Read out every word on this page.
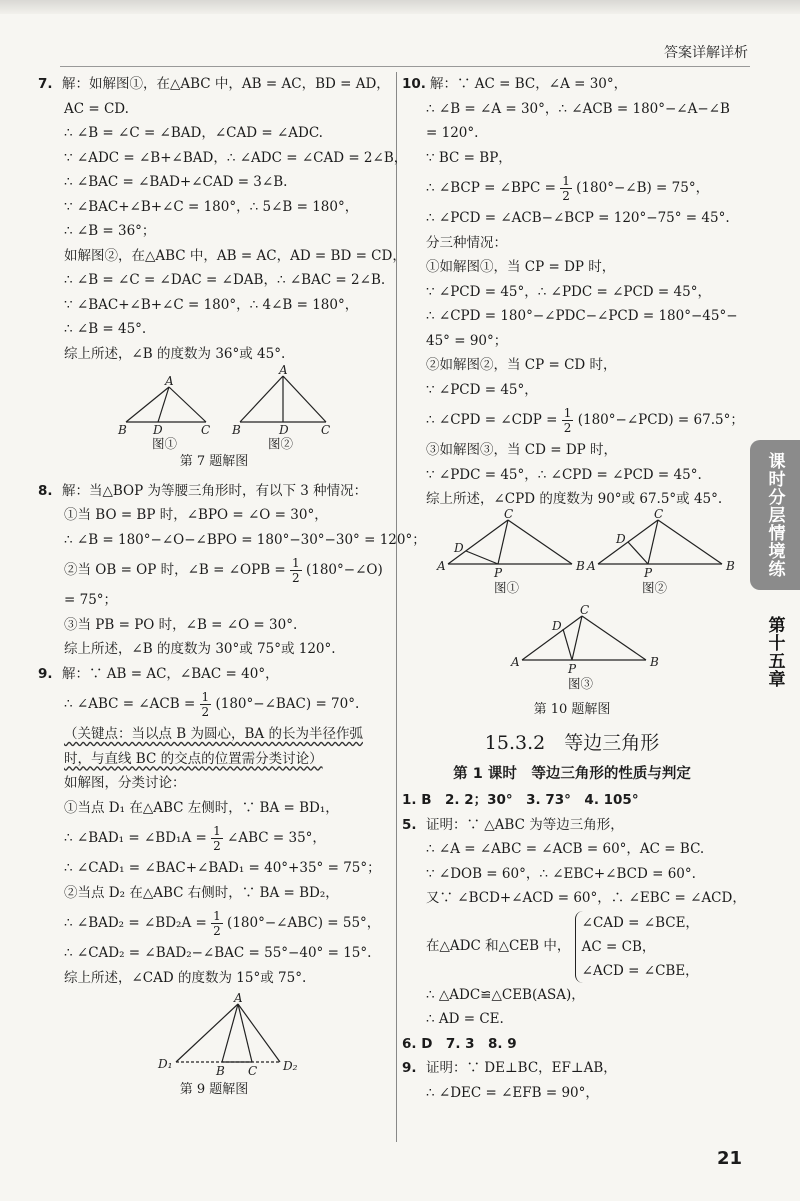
答案详解详析
7. 解：如解图①，在△ABC 中，AB = AC，BD = AD，
AC = CD.
∴ ∠B = ∠C = ∠BAD，∠CAD = ∠ADC.
∵ ∠ADC = ∠B+∠BAD，∴ ∠ADC = ∠CAD = 2∠B，
∴ ∠BAC = ∠BAD+∠CAD = 3∠B.
∵ ∠BAC+∠B+∠C = 180°，∴ 5∠B = 180°，
∴ ∠B = 36°；
如解图②，在△ABC 中，AB = AC，AD = BD = CD，
∴ ∠B = ∠C = ∠DAC = ∠DAB，∴ ∠BAC = 2∠B.
∵ ∠BAC+∠B+∠C = 180°，∴ 4∠B = 180°，
∴ ∠B = 45°.
综上所述，∠B 的度数为 36°或 45°.
A
B D	C
A
B	D	C
图①	图②
第 7 题解图
8. 解：当△BOP 为等腰三角形时，有以下 3 种情况：
①当 BO = BP 时，∠BPO = ∠O = 30°，
∴ ∠B = 180°−∠O−∠BPO = 180°−30°−30° = 120°；
②当 OB = OP 时，∠B = ∠OPB = $\frac{1}{2}$ (180°−∠O)
= 75°；
③当 PB = PO 时，∠B = ∠O = 30°.
综上所述，∠B 的度数为 30°或 75°或 120°.
9. 解：∵ AB = AC，∠BAC = 40°，
∴ ∠ABC = ∠ACB = $\frac{1}{2}$ (180°−∠BAC) = 70°.
（关键点：当以点 B 为圆心，BA 的长为半径作弧
时，与直线 BC 的交点的位置需分类讨论）
如解图，分类讨论：
①当点 D₁ 在△ABC 左侧时，∵ BA = BD₁，
∴ ∠BAD₁ = ∠BD₁A = $\frac{1}{2}$ ∠ABC = 35°，
∴ ∠CAD₁ = ∠BAC+∠BAD₁ = 40°+35° = 75°；
②当点 D₂ 在△ABC 右侧时，∵ BA = BD₂，
∴ ∠BAD₂ = ∠BD₂A = $\frac{1}{2}$ (180°−∠ABC) = 55°，
∴ ∠CAD₂ = ∠BAD₂−∠BAC = 55°−40° = 15°.
综上所述，∠CAD 的度数为 15°或 75°.
A
D₁	B C D₂
第 9 题解图
10. 解：∵ AC = BC，∠A = 30°，
∴ ∠B = ∠A = 30°，∴ ∠ACB = 180°−∠A−∠B
= 120°.
∵ BC = BP，
∴ ∠BCP = ∠BPC = $\frac{1}{2}$ (180°−∠B) = 75°，
∴ ∠PCD = ∠ACB−∠BCP = 120°−75° = 45°.
分三种情况：
①如解图①，当 CP = DP 时，
∵ ∠PCD = 45°，∴ ∠PDC = ∠PCD = 45°，
∴ ∠CPD = 180°−∠PDC−∠PCD = 180°−45°−
45° = 90°；
②如解图②，当 CP = CD 时，
∵ ∠PCD = 45°，
∴ ∠CPD = ∠CDP = $\frac{1}{2}$ (180°−∠PCD) = 67.5°；
③如解图③，当 CD = DP 时，
∵ ∠PDC = 45°，∴ ∠CPD = ∠PCD = 45°.
综上所述，∠CPD 的度数为 90°或 67.5°或 45°.
C
D
A	P	B
C
D
A	P	B
C
D
A	P	B
图①	图②
图③
第 10 题解图
15.3.2　等边三角形
第 1 课时　等边三角形的性质与判定
1. B　2. 2；30°　3. 73°　4. 105°
5. 证明：∵ △ABC 为等边三角形，
∴ ∠A = ∠ABC = ∠ACB = 60°，AC = BC.
∵ ∠DOB = 60°，∴ ∠EBC+∠BCD = 60°.
又∵ ∠BCD+∠ACD = 60°，∴ ∠EBC = ∠ACD，
在△ADC 和△CEB 中，
∠CAD = ∠BCE，
AC = CB，
∠ACD = ∠CBE，
∴ △ADC≌△CEB(ASA)，
∴ AD = CE.
6. D　7. 3　8. 9
9. 证明：∵ DE⊥BC，EF⊥AB，
∴ ∠DEC = ∠EFB = 90°，
课时分层情境练
第十五章
21
